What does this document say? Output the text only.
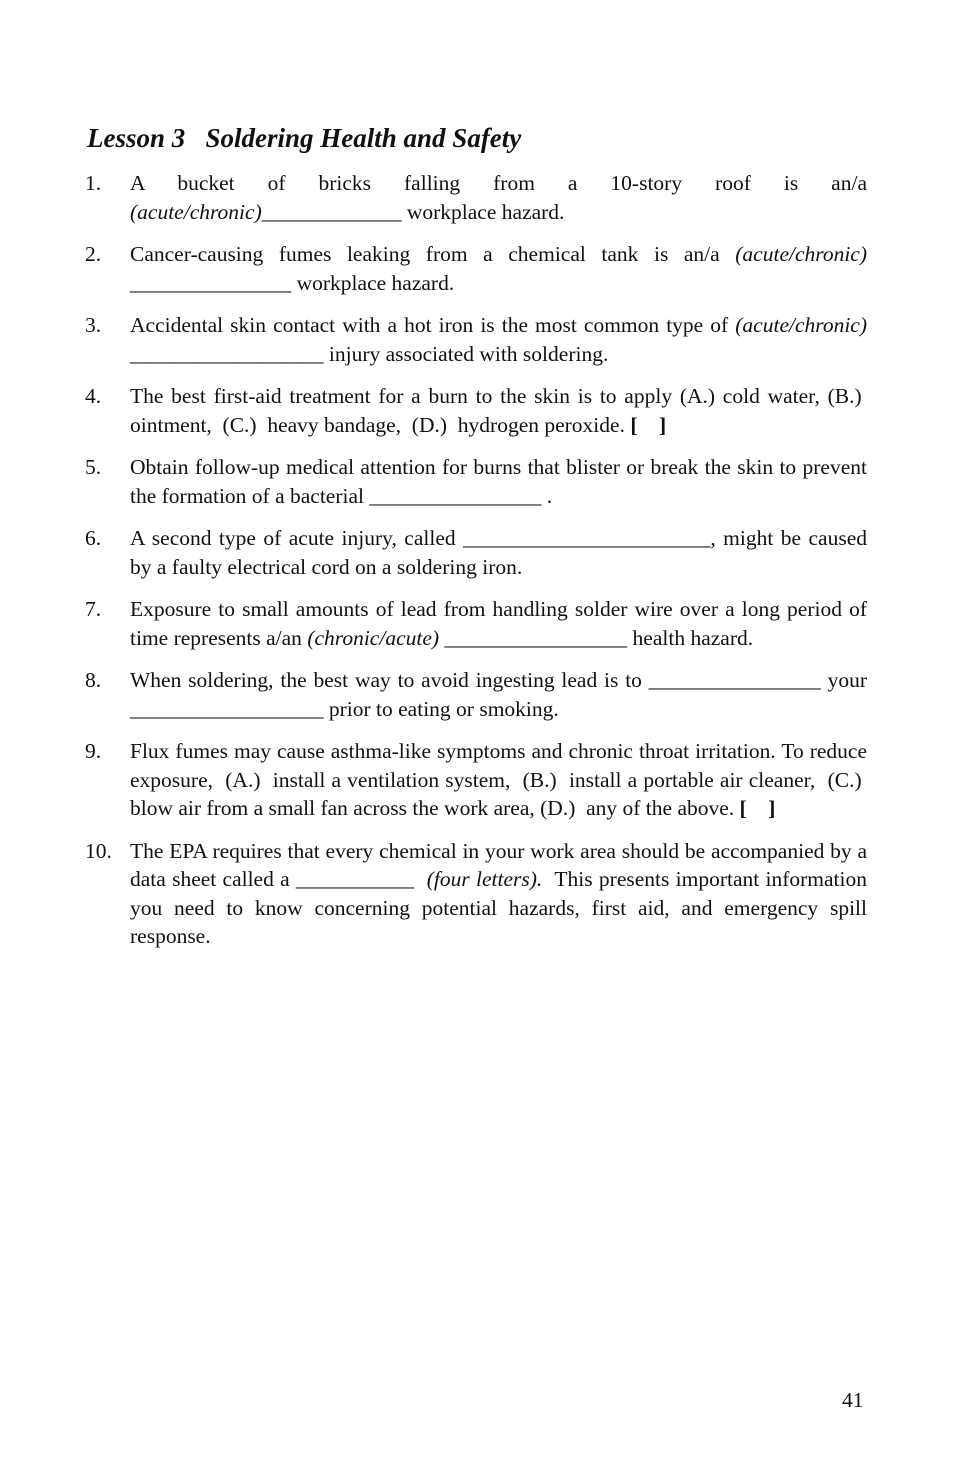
Lesson 3   Soldering Health and Safety
1. A bucket of bricks falling from a 10-story roof is an/a (acute/chronic)_____________ workplace hazard.
2. Cancer-causing fumes leaking from a chemical tank is an/a (acute/chronic) _______________ workplace hazard.
3. Accidental skin contact with a hot iron is the most common type of (acute/chronic) __________________ injury associated with soldering.
4. The best first-aid treatment for a burn to the skin is to apply (A.) cold water, (B.)  ointment,  (C.)  heavy bandage,  (D.)  hydrogen peroxide. [    ]
5. Obtain follow-up medical attention for burns that blister or break the skin to prevent the formation of a bacterial ________________ .
6. A second type of acute injury, called _______________________, might be caused by a faulty electrical cord on a soldering iron.
7. Exposure to small amounts of lead from handling solder wire over a long period of time represents a/an (chronic/acute) _________________ health hazard.
8. When soldering, the best way to avoid ingesting lead is to ________________ your __________________ prior to eating or smoking.
9. Flux fumes may cause asthma-like symptoms and chronic throat irritation. To reduce exposure,  (A.)  install a ventilation system,  (B.)  install a portable air cleaner,  (C.)  blow air from a small fan across the work area, (D.)  any of the above. [    ]
10. The EPA requires that every chemical in your work area should be accompanied by a data sheet called a ___________  (four letters).  This presents important information you need to know concerning potential hazards, first aid, and emergency spill response.
41
